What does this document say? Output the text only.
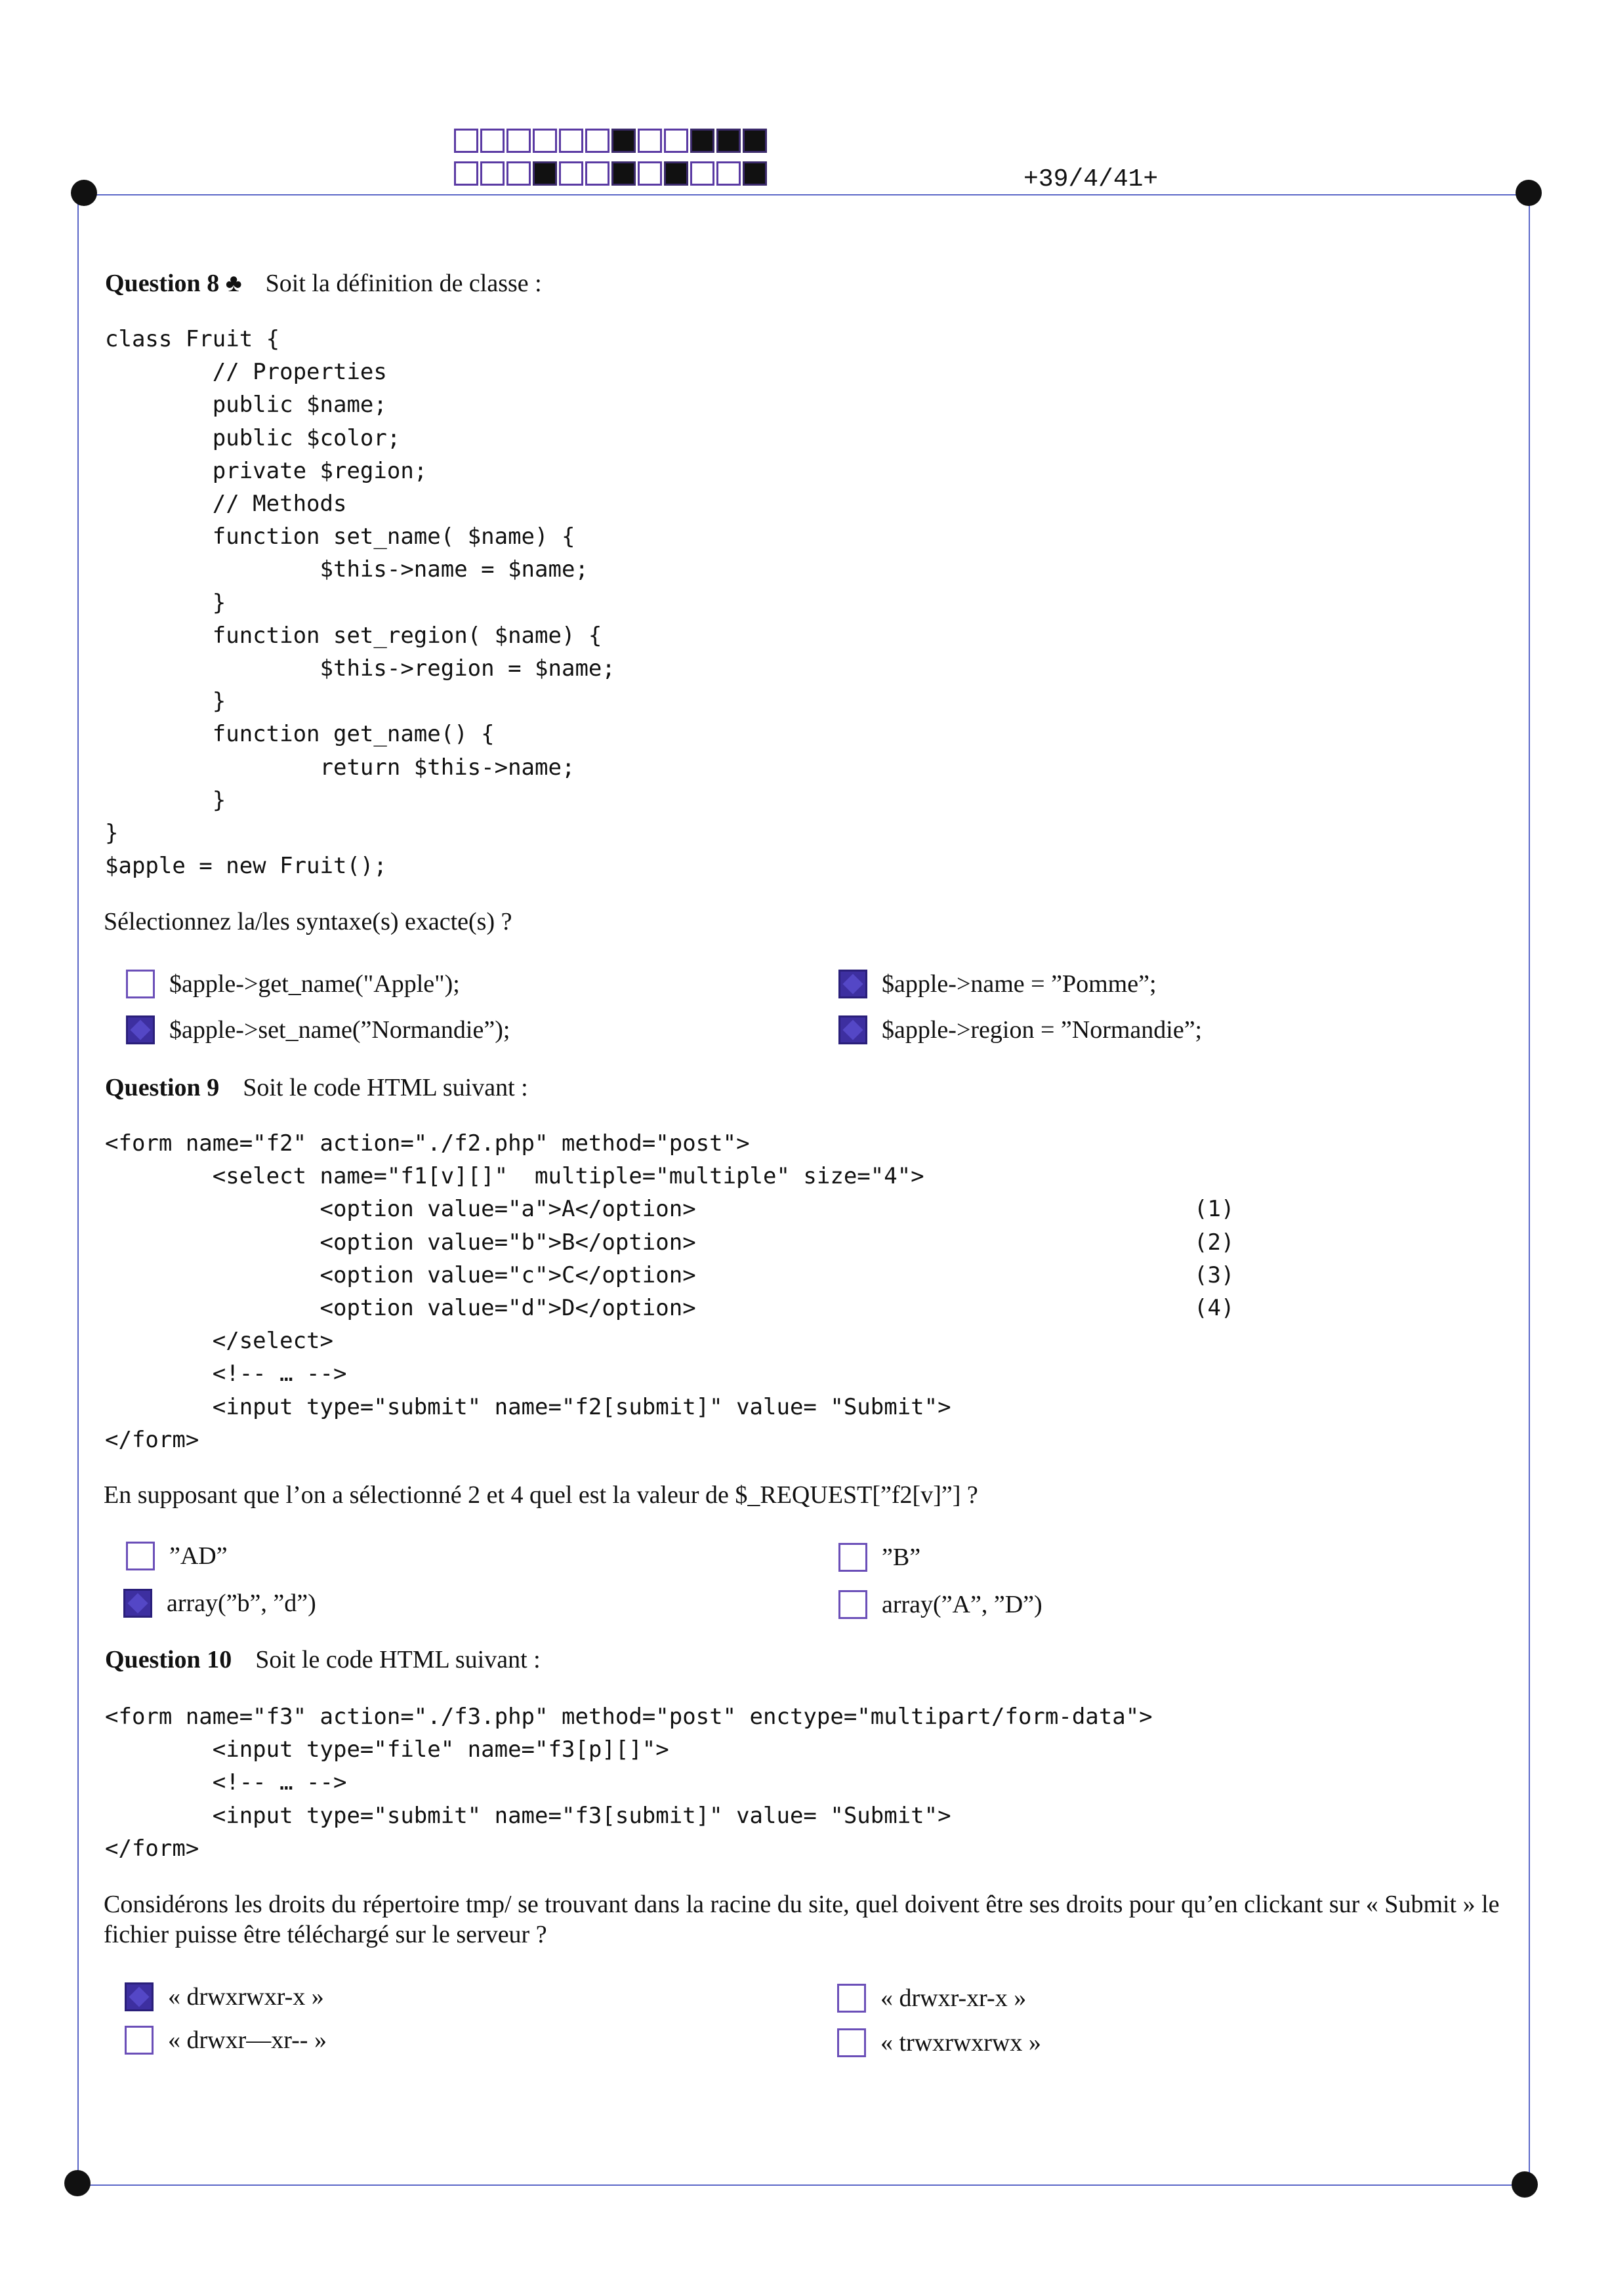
+39/4/41+
Question 8 ♣ Soit la définition de classe :
class Fruit {
// Properties
public $name;
public $color;
private $region;
// Methods
function set_name( $name) {
$this->name = $name;
}
function set_region( $name) {
$this->region = $name;
}
function get_name() {
return $this->name;
}
}
$apple = new Fruit();
Sélectionnez la/les syntaxe(s) exacte(s) ?
$apple->get_name("Apple");	$apple->name = ”Pomme”;
$apple->set_name(”Normandie”);	$apple->region = ”Normandie”;
Question 9 Soit le code HTML suivant :
<form name="f2" action="./f2.php" method="post">
<select name="f1[v][]"  multiple="multiple" size="4">
<option value="a">A</option>
<option value="b">B</option>
<option value="c">C</option>
<option value="d">D</option>
</select>
<!-- … -->
<input type="submit" name="f2[submit]" value= "Submit">
</form>

(1)
(2)
(3)
(4)
En supposant que l’on a sélectionné 2 et 4 quel est la valeur de $_REQUEST[”f2[v]”] ?
”AD”	”B”
array(”b”, ”d”)	array(”A”, ”D”)
Question 10 Soit le code HTML suivant :
<form name="f3" action="./f3.php" method="post" enctype="multipart/form-data">
<input type="file" name="f3[p][]">
<!-- … -->
<input type="submit" name="f3[submit]" value= "Submit">
</form>
Considérons les droits du répertoire tmp/ se trouvant dans la racine du site, quel doivent être ses droits pour qu’en clickant sur « Submit » le fichier puisse être téléchargé sur le serveur ?
« drwxrwxr-x »	« drwxr-xr-x »
« drwxr—xr-- »	« trwxrwxrwx »
